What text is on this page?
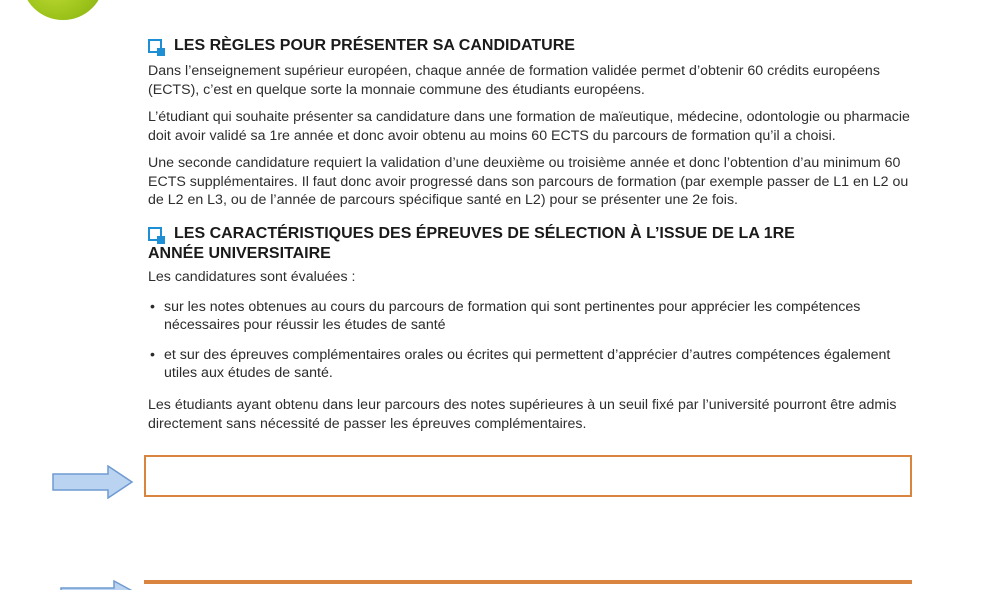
LES RÈGLES POUR PRÉSENTER SA CANDIDATURE

Dans l’enseignement supérieur européen, chaque année de formation validée permet d’obtenir 60 crédits européens (ECTS), c’est en quelque sorte la monnaie commune des étudiants européens.

L’étudiant qui souhaite présenter sa candidature dans une formation de maïeutique, médecine, odontologie ou pharmacie doit avoir validé sa 1re année et donc avoir obtenu au moins 60 ECTS du parcours de formation qu’il a choisi.

Une seconde candidature requiert la validation d’une deuxième ou troisième année et donc l’obtention d’au minimum 60 ECTS supplémentaires. Il faut donc avoir progressé dans son parcours de formation (par exemple passer de L1 en L2 ou de L2 en L3, ou de l’année de parcours spécifique santé en L2) pour se présenter une 2e fois.

LES CARACTÉRISTIQUES DES ÉPREUVES DE SÉLECTION À L’ISSUE DE LA 1RE
ANNÉE UNIVERSITAIRE

Les candidatures sont évaluées :

• sur les notes obtenues au cours du parcours de formation qui sont pertinentes pour apprécier les compétences nécessaires pour réussir les études de santé
• et sur des épreuves complémentaires orales ou écrites qui permettent d’apprécier d’autres compétences également utiles aux études de santé.

Les étudiants ayant obtenu dans leur parcours des notes supérieures à un seuil fixé par l’université pourront être admis directement sans nécessité de passer les épreuves complémentaires.
